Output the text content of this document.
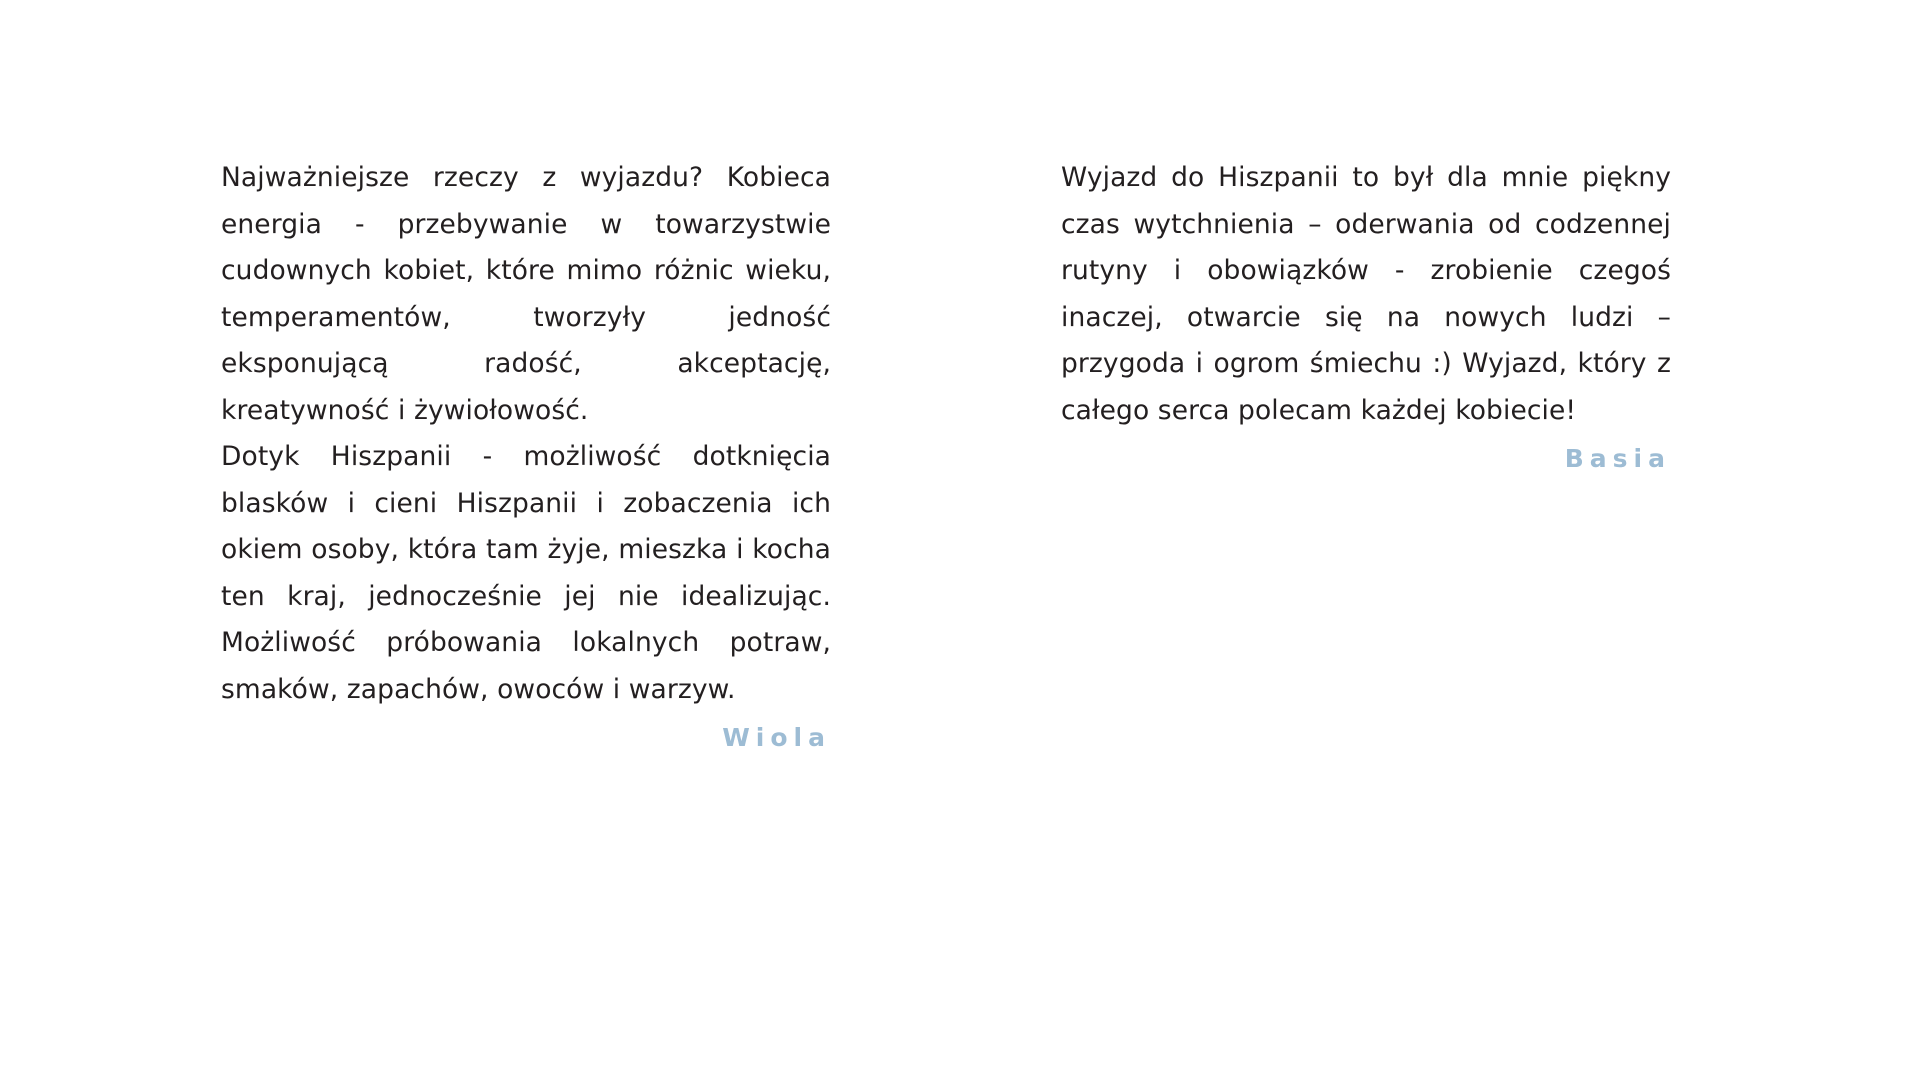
Najważniejsze rzeczy z wyjazdu? Kobieca energia - przebywanie w towarzystwie cudownych kobiet, które mimo różnic wieku, temperamentów, tworzyły jedność eksponującą radość, akceptację, kreatywność i żywiołowość.

Dotyk Hiszpanii - możliwość dotknięcia blasków i cieni Hiszpanii i zobaczenia ich okiem osoby, która tam żyje, mieszka i kocha ten kraj, jednocześnie jej nie idealizując. Możliwość próbowania lokalnych potraw, smaków, zapachów, owoców i warzyw.

Wiola

Wyjazd do Hiszpanii to był dla mnie piękny czas wytchnienia – oderwania od codzennej rutyny i obowiązków - zrobienie czegoś inaczej, otwarcie się na nowych ludzi – przygoda i ogrom śmiechu :) Wyjazd, który z całego serca polecam każdej kobiecie!

Basia
